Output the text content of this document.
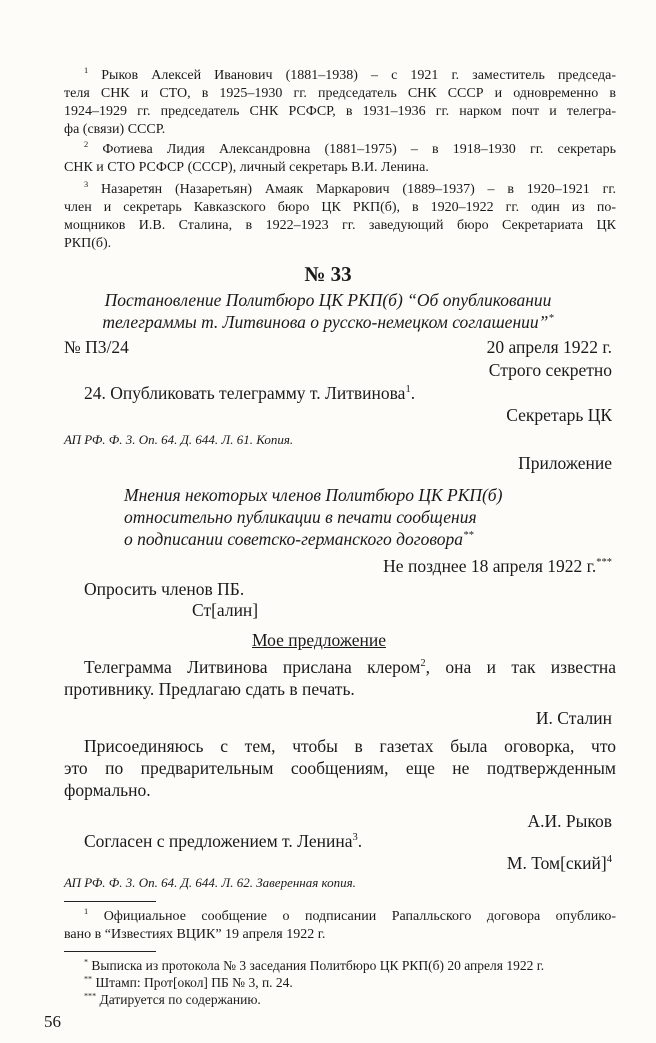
$^1$ Рыков Алексей Иванович (1881–1938) – с 1921 г. заместитель председа-

теля СНК и СТО, в 1925–1930 гг. председатель СНК СССР и одновременно в

1924–1929 гг. председатель СНК РСФСР, в 1931–1936 гг. нарком почт и телегра-

фа (связи) СССР.

$^2$ Фотиева Лидия Александровна (1881–1975) – в 1918–1930 гг. секретарь

СНК и СТО РСФСР (СССР), личный секретарь В.И. Ленина.

$^3$ Назаретян (Назаретьян) Амаяк Маркарович (1889–1937) – в 1920–1921 гг.

член и секретарь Кавказского бюро ЦК РКП(б), в 1920–1922 гг. один из по-

мощников И.В. Сталина, в 1922–1923 гг. заведующий бюро Секретариата ЦК

РКП(б).

№ 33

Постановление Политбюро ЦК РКП(б) “Об опубликовании

телеграммы т. Литвинова о русско-немецком соглашении”*

№ П3/24	20 апреля 1922 г.

Строго секретно

24. Опубликовать телеграмму т. Литвинова$^1$.

Секретарь ЦК

АП РФ. Ф. 3. Оп. 64. Д. 644. Л. 61. Копия.

Приложение

Мнения некоторых членов Политбюро ЦК РКП(б)

относительно публикации в печати сообщения

о подписании советско-германского договора**

Не позднее 18 апреля 1922 г.***

Опросить членов ПБ.

Ст[алин]

Мое предложение

Телеграмма Литвинова прислана клером$^2$, она и так известна

противнику. Предлагаю сдать в печать.

И. Сталин

Присоединяюсь с тем, чтобы в газетах была оговорка, что

это по предварительным сообщениям, еще не подтвержденным

формально.

А.И. Рыков

Согласен с предложением т. Ленина$^3$.

М. Том[ский]$^4$

АП РФ. Ф. 3. Оп. 64. Д. 644. Л. 62. Заверенная копия.

$^1$ Официальное сообщение о подписании Рапалльского договора опублико-

вано в “Известиях ВЦИК” 19 апреля 1922 г.

* Выписка из протокола № 3 заседания Политбюро ЦК РКП(б) 20 апреля 1922 г.

** Штамп: Прот[окол] ПБ № 3, п. 24.

*** Датируется по содержанию.

56
